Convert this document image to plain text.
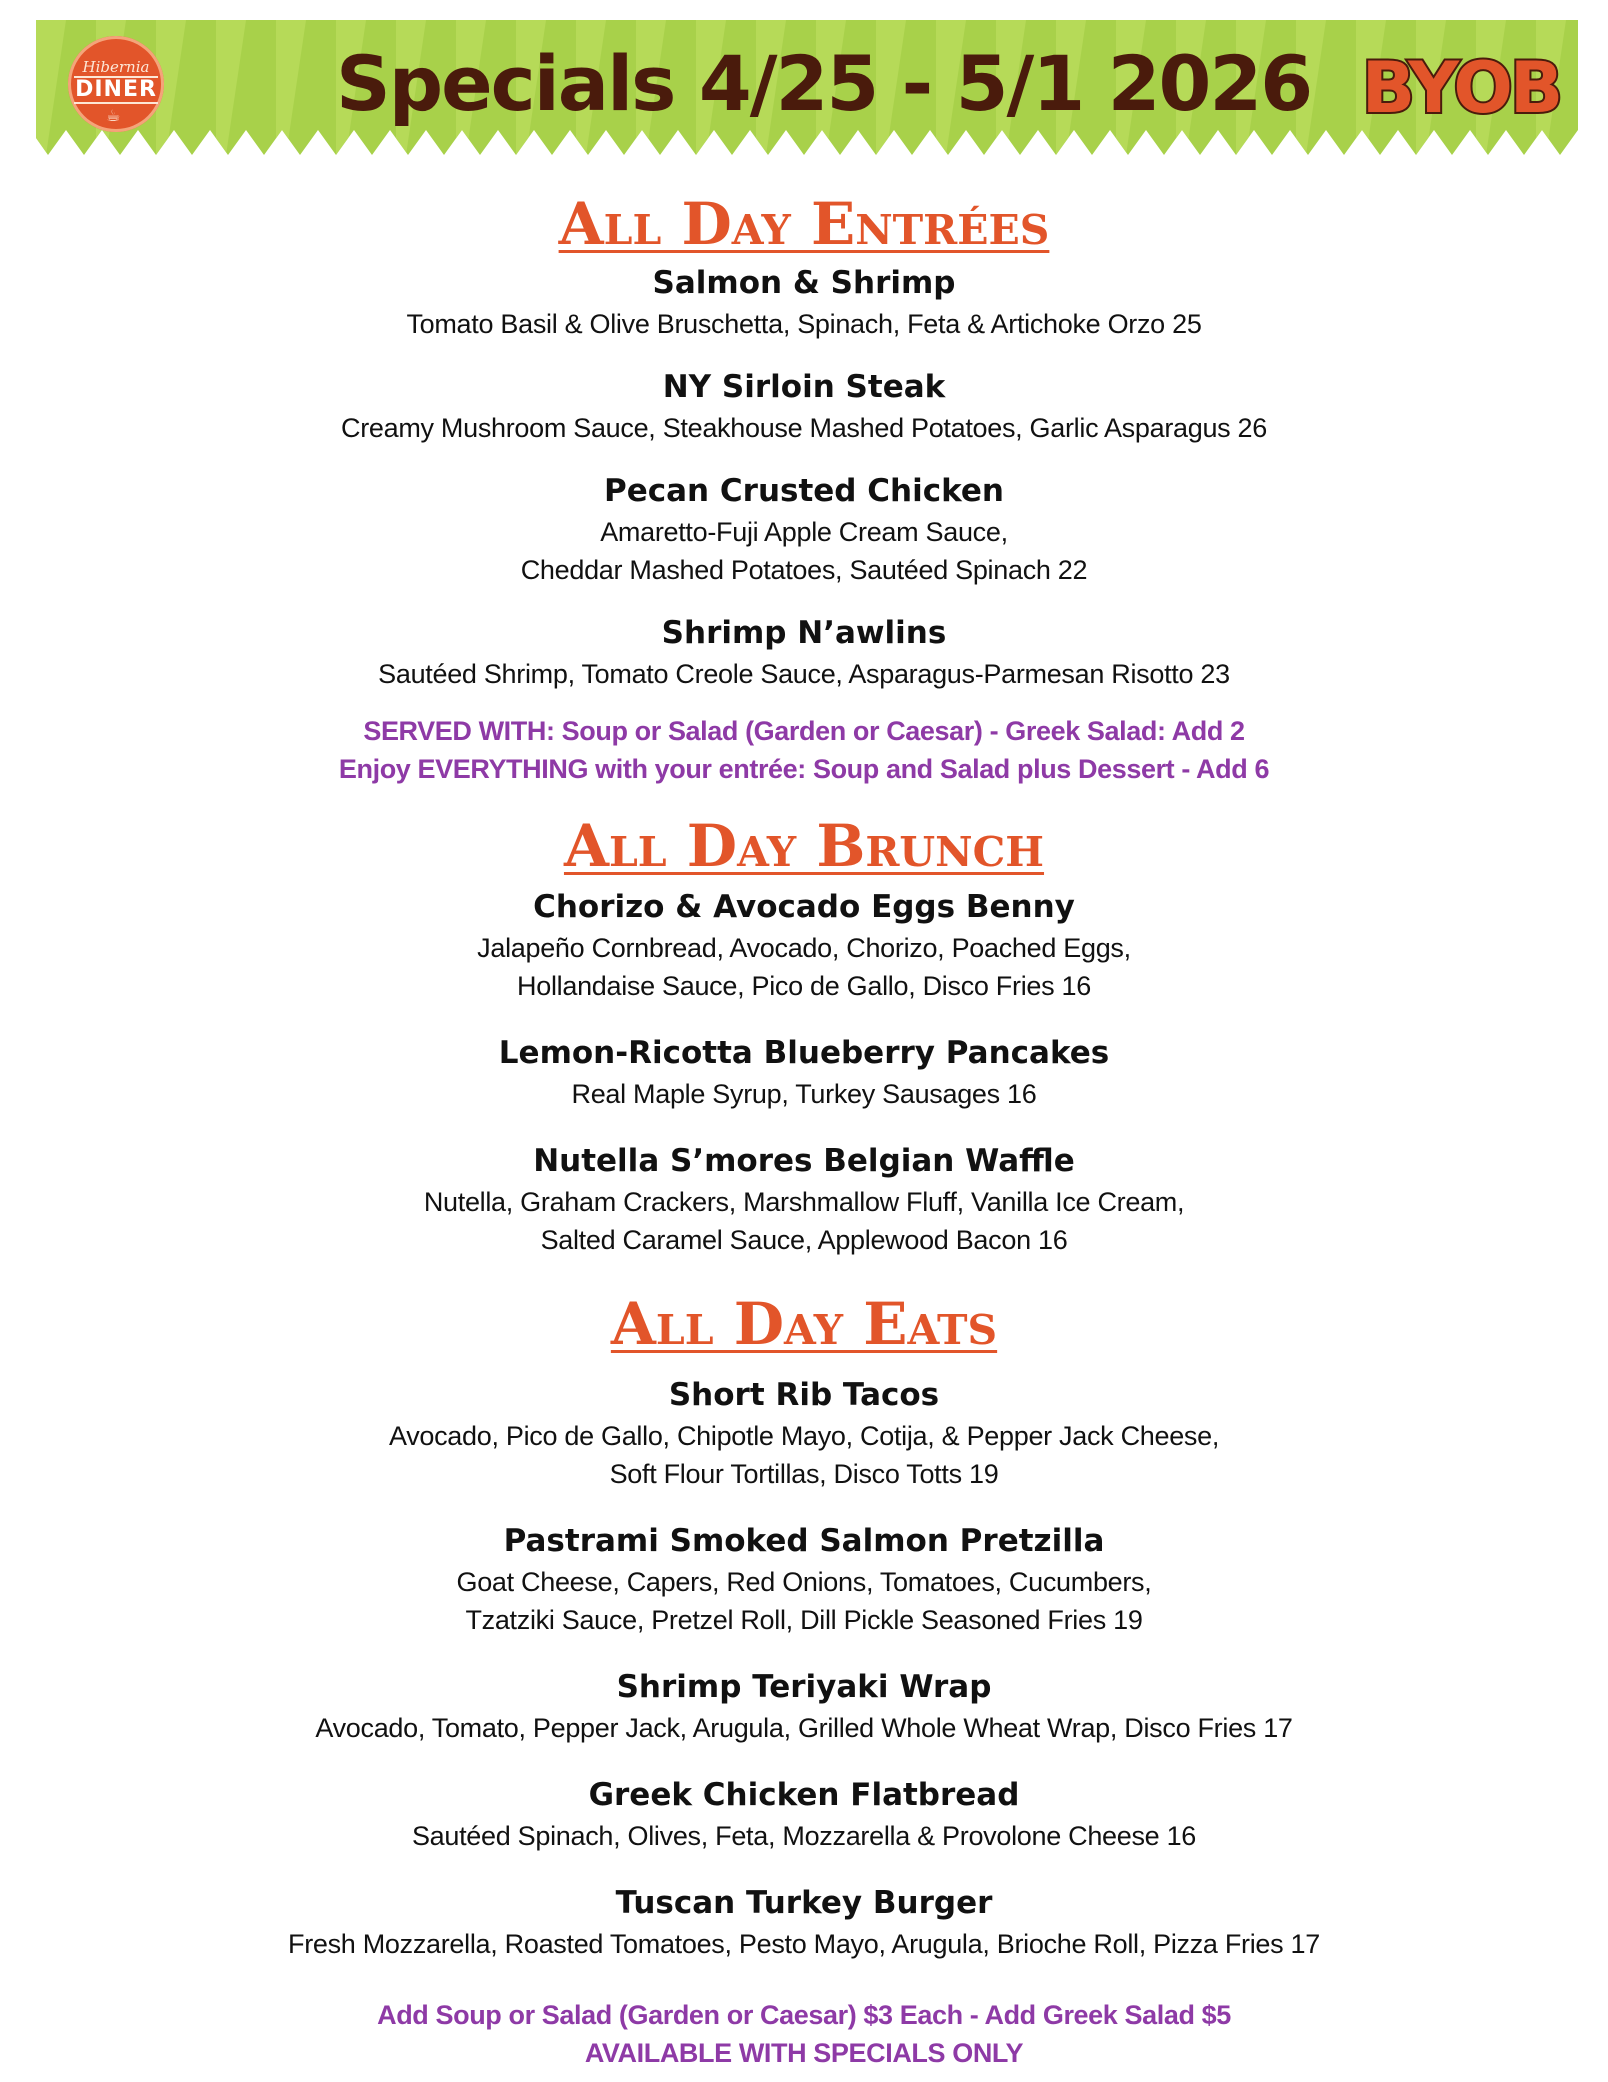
Hibernia
DINER
☕	Specials 4/25 - 5/1 2026 BYOB
All Day Entrées
Salmon & Shrimp
Tomato Basil & Olive Bruschetta, Spinach, Feta & Artichoke Orzo 25
NY Sirloin Steak
Creamy Mushroom Sauce, Steakhouse Mashed Potatoes, Garlic Asparagus 26
Pecan Crusted Chicken
Amaretto-Fuji Apple Cream Sauce,
Cheddar Mashed Potatoes, Sautéed Spinach 22
Shrimp N’awlins
Sautéed Shrimp, Tomato Creole Sauce, Asparagus-Parmesan Risotto 23
SERVED WITH: Soup or Salad (Garden or Caesar) - Greek Salad: Add 2
Enjoy EVERYTHING with your entrée: Soup and Salad plus Dessert - Add 6
All Day Brunch
Chorizo & Avocado Eggs Benny
Jalapeño Cornbread, Avocado, Chorizo, Poached Eggs,
Hollandaise Sauce, Pico de Gallo, Disco Fries 16
Lemon-Ricotta Blueberry Pancakes
Real Maple Syrup, Turkey Sausages 16
Nutella S’mores Belgian Waffle
Nutella, Graham Crackers, Marshmallow Fluff, Vanilla Ice Cream,
Salted Caramel Sauce, Applewood Bacon 16
All Day Eats
Short Rib Tacos
Avocado, Pico de Gallo, Chipotle Mayo, Cotija, & Pepper Jack Cheese,
Soft Flour Tortillas, Disco Totts 19
Pastrami Smoked Salmon Pretzilla
Goat Cheese, Capers, Red Onions, Tomatoes, Cucumbers,
Tzatziki Sauce, Pretzel Roll, Dill Pickle Seasoned Fries 19
Shrimp Teriyaki Wrap
Avocado, Tomato, Pepper Jack, Arugula, Grilled Whole Wheat Wrap, Disco Fries 17
Greek Chicken Flatbread
Sautéed Spinach, Olives, Feta, Mozzarella & Provolone Cheese 16
Tuscan Turkey Burger
Fresh Mozzarella, Roasted Tomatoes, Pesto Mayo, Arugula, Brioche Roll, Pizza Fries 17
Add Soup or Salad (Garden or Caesar) $3 Each - Add Greek Salad $5
AVAILABLE WITH SPECIALS ONLY
